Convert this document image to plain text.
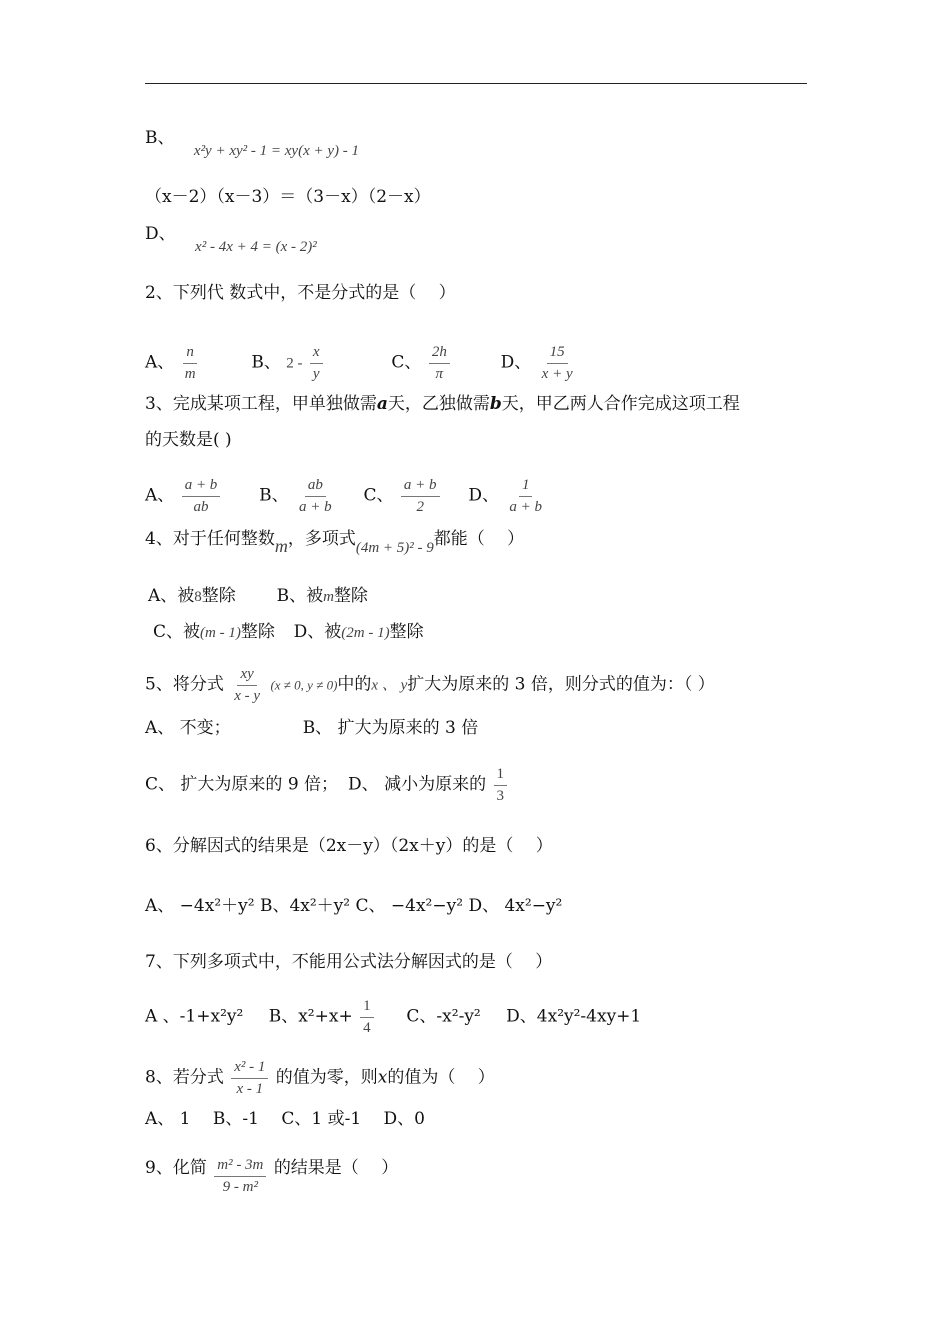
B、 x²y + xy² - 1 = xy(x + y) - 1
（x－2）（x－3）＝（3－x）（2－x）
D、 x² - 4x + 4 = (x - 2)²
2、下列代 数式中，不是分式的是（　 ）
A、 $\frac{n}{m}$	B、 $2 - \frac{x}{y}$	C、 $\frac{2h}{\pi}$	D、 $\frac{15}{x + y}$
3、完成某项工程，甲单独做需a天，乙独做需b天，甲乙两人合作完成这项工程
的天数是( )
A、 $\frac{a + b}{ab}$ B、 $\frac{ab}{a + b}$ C、 $\frac{a + b}{2}$ D、 $\frac{1}{a + b}$
4、对于任何整数m，多项式(4m + 5)² - 9都能（　 ）
A、被8整除 B、被m整除
C、被(m - 1)整除 D、被(2m - 1)整除
5、将分式 $\frac{xy}{x - y} (x \ne 0$, y ≠ 0)中的x 、 y扩大为原来的 3 倍，则分式的值为：（ ）
A、 不变；	B、 扩大为原来的 3 倍
C、 扩大为原来的 9 倍； D、 减小为原来的 $\frac{1}{3}$
6、分解因式的结果是（2x－y）（2x＋y）的是（　 ）
A、 −4x²＋y² B、4x²＋y² C、 −4x²−y² D、 4x²−y²
7、下列多项式中，不能用公式法分解因式的是（　 ）
A 、-1+x²y² B、$x^2+x+ \frac{1}{4}$ C、-x²-y² D、4x²y²-4xy+1
8、若分式 $\frac{\text{x² - 1}}{x - 1}$ 的值为零，则x的值为（　 ）
A、 1　 B、-1　 C、1 或-1　 D、0
9、化简 $\frac{\text{m² - 3m}}{\text{9 - m²}}$ 的结果是（　 ）
